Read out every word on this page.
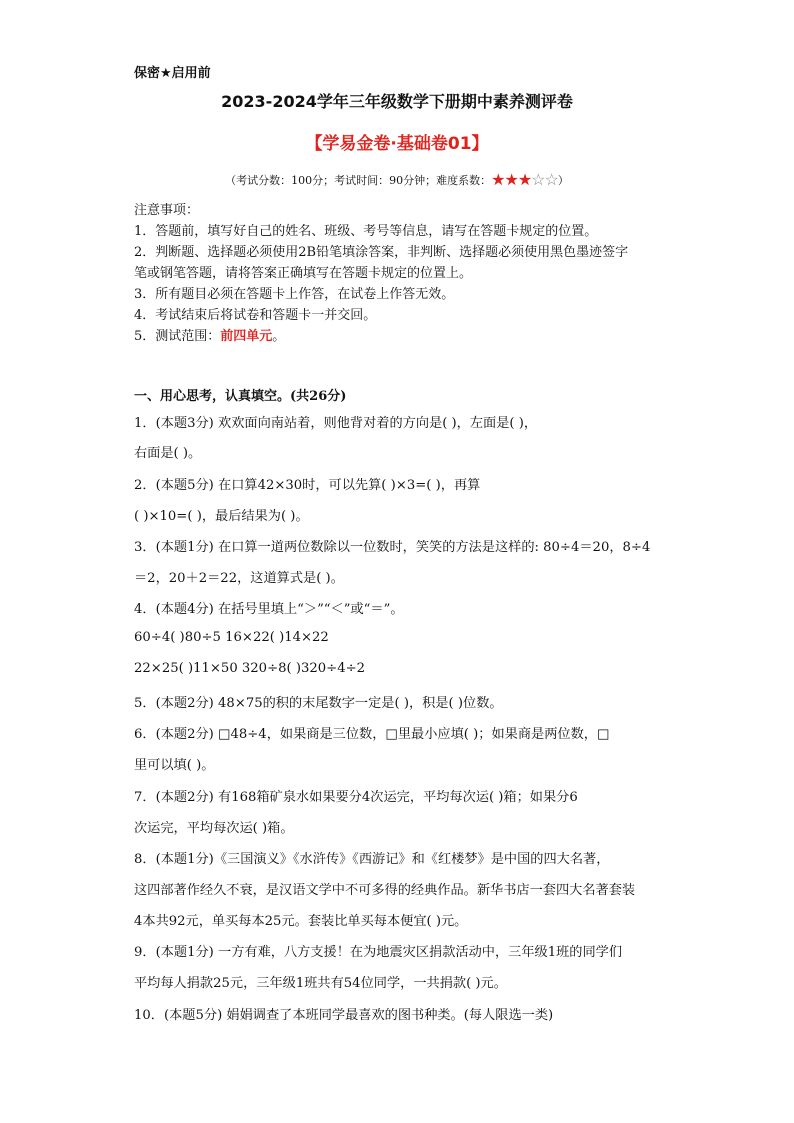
保密★启用前
2023-2024学年三年级数学下册期中素养测评卷
【学易金卷·基础卷01】
（考试分数：100分；考试时间：90分钟；难度系数：★★★☆☆）
注意事项：
1．答题前，填写好自己的姓名、班级、考号等信息，请写在答题卡规定的位置。
2．判断题、选择题必须使用2B铅笔填涂答案，非判断、选择题必须使用黑色墨迹签字
笔或钢笔答题，请将答案正确填写在答题卡规定的位置上。
3．所有题目必须在答题卡上作答，在试卷上作答无效。
4．考试结束后将试卷和答题卡一并交回。
5．测试范围：前四单元。
一、用心思考，认真填空。(共26分)
1．(本题3分) 欢欢面向南站着，则他背对着的方向是( )，左面是( )，
右面是( )。
2．(本题5分) 在口算42×30时，可以先算( )×3=( )，再算
( )×10=( )，最后结果为( )。
3．(本题1分) 在口算一道两位数除以一位数时，笑笑的方法是这样的: 80÷4＝20，8÷4
＝2，20＋2＝22，这道算式是( )。
4．(本题4分) 在括号里填上“＞”“＜”或“＝”。
60÷4( )80÷5 16×22( )14×22
22×25( )11×50 320÷8( )320÷4÷2
5．(本题2分) 48×75的积的末尾数字一定是( )，积是( )位数。
6．(本题2分) □48÷4，如果商是三位数，□里最小应填( )；如果商是两位数，□
里可以填( )。
7．(本题2分) 有168箱矿泉水如果要分4次运完，平均每次运( )箱；如果分6
次运完，平均每次运( )箱。
8．(本题1分)《三国演义》《水浒传》《西游记》和《红楼梦》是中国的四大名著，
这四部著作经久不衰，是汉语文学中不可多得的经典作品。新华书店一套四大名著套装
4本共92元，单买每本25元。套装比单买每本便宜( )元。
9．(本题1分) 一方有难，八方支援！在为地震灾区捐款活动中，三年级1班的同学们
平均每人捐款25元，三年级1班共有54位同学，一共捐款( )元。
10．(本题5分) 娟娟调查了本班同学最喜欢的图书种类。(每人限选一类)
